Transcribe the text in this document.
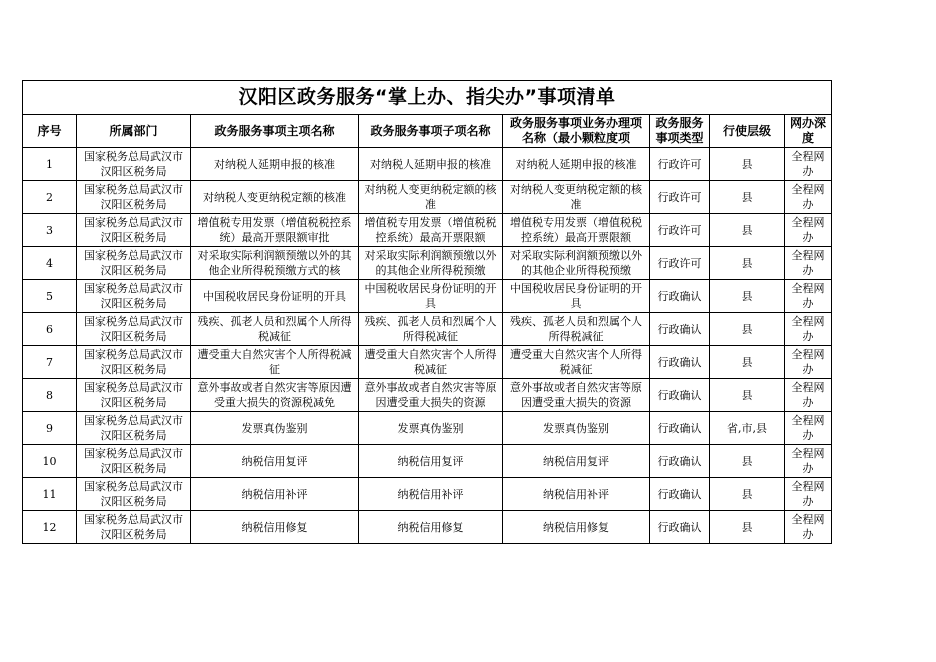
汉阳区政务服务“掌上办、指尖办”事项清单							
序号	所属部门	政务服务事项主项名称	政务服务事项子项名称	政务服务事项业务办理项名称（最小颗粒度项	政务服务事项类型	行使层级	网办深度

1	国家税务总局武汉市汉阳区税务局	对纳税人延期申报的核准	对纳税人延期申报的核准	对纳税人延期申报的核准	行政许可	县	全程网办

2	国家税务总局武汉市汉阳区税务局	对纳税人变更纳税定额的核准	对纳税人变更纳税定额的核准	对纳税人变更纳税定额的核准	行政许可	县	全程网办

3	国家税务总局武汉市汉阳区税务局	增值税专用发票（增值税税控系统）最高开票限额审批	增值税专用发票（增值税税控系统）最高开票限额	增值税专用发票（增值税税控系统）最高开票限额	行政许可	县	全程网办

4	国家税务总局武汉市汉阳区税务局	对采取实际利润额预缴以外的其他企业所得税预缴方式的核	对采取实际利润额预缴以外的其他企业所得税预缴	对采取实际利润额预缴以外的其他企业所得税预缴	行政许可	县	全程网办

5	国家税务总局武汉市汉阳区税务局	中国税收居民身份证明的开具	中国税收居民身份证明的开具	中国税收居民身份证明的开具	行政确认	县	全程网办

6	国家税务总局武汉市汉阳区税务局	残疾、孤老人员和烈属个人所得税减征	残疾、孤老人员和烈属个人所得税减征	残疾、孤老人员和烈属个人所得税减征	行政确认	县	全程网办

7	国家税务总局武汉市汉阳区税务局	遭受重大自然灾害个人所得税减征	遭受重大自然灾害个人所得税减征	遭受重大自然灾害个人所得税减征	行政确认	县	全程网办

8	国家税务总局武汉市汉阳区税务局	意外事故或者自然灾害等原因遭受重大损失的资源税减免	意外事故或者自然灾害等原因遭受重大损失的资源	意外事故或者自然灾害等原因遭受重大损失的资源	行政确认	县	全程网办

9	国家税务总局武汉市汉阳区税务局	发票真伪鉴别	发票真伪鉴别	发票真伪鉴别	行政确认	省,市,县	全程网办

10	国家税务总局武汉市汉阳区税务局	纳税信用复评	纳税信用复评	纳税信用复评	行政确认	县	全程网办

11	国家税务总局武汉市汉阳区税务局	纳税信用补评	纳税信用补评	纳税信用补评	行政确认	县	全程网办

12	国家税务总局武汉市汉阳区税务局	纳税信用修复	纳税信用修复	纳税信用修复	行政确认	县	全程网办
